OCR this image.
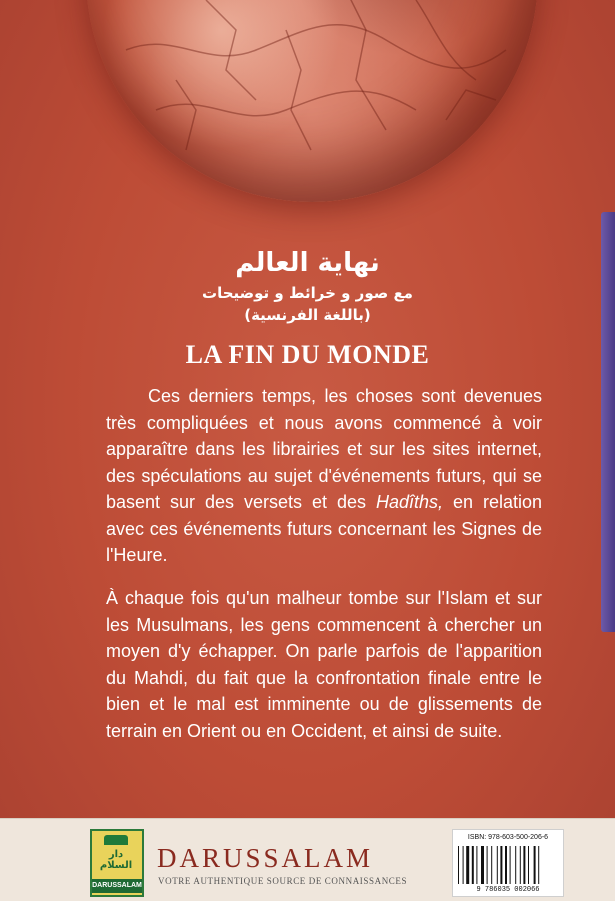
نهاية العالم
مع صور و خرائط و توضيحات
(باللغة الفرنسية)
LA FIN DU MONDE
Ces derniers temps, les choses sont devenues très compliquées et nous avons commencé à voir apparaître dans les librairies et sur les sites internet, des spéculations au sujet d'événements futurs, qui se basent sur des versets et des Hadîths, en relation avec ces événements futurs concernant les Signes de l'Heure.
À chaque fois qu'un malheur tombe sur l'Islam et sur les Musulmans, les gens commencent à chercher un moyen d'y échapper. On parle parfois de l'apparition du Mahdi, du fait que la confrontation finale entre le bien et le mal est imminente ou de glissements de terrain en Orient ou en Occident, et ainsi de suite.
دار السلام
DARUSSALAM
DARUSSALAM
VOTRE AUTHENTIQUE SOURCE DE CONNAISSANCES
ISBN: 978-603-500-206-6
9 786035 002066
